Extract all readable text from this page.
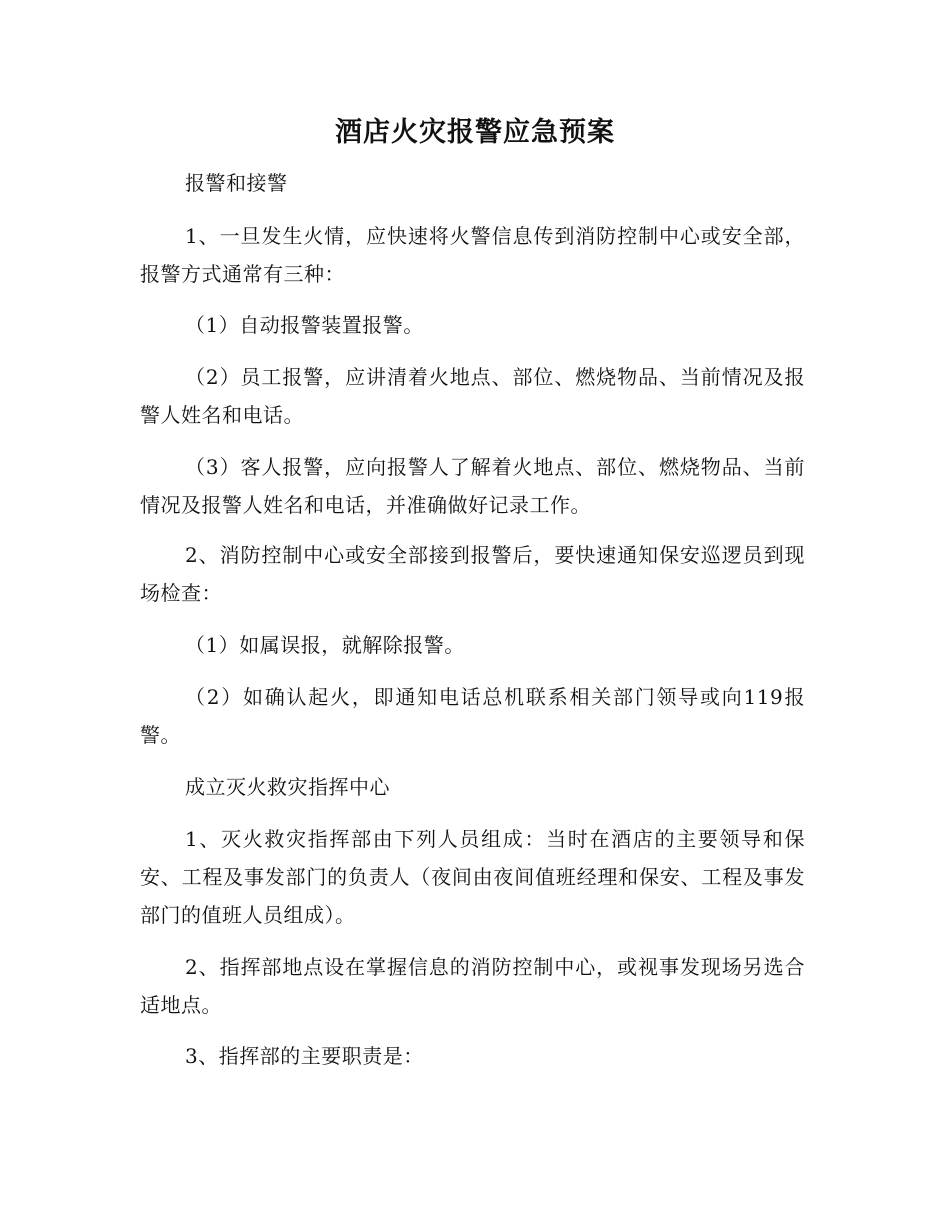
酒店火灾报警应急预案

报警和接警

1、一旦发生火情，应快速将火警信息传到消防控制中心或安全部，报警方式通常有三种：

（1）自动报警装置报警。

（2）员工报警，应讲清着火地点、部位、燃烧物品、当前情况及报警人姓名和电话。

（3）客人报警，应向报警人了解着火地点、部位、燃烧物品、当前情况及报警人姓名和电话，并准确做好记录工作。

2、消防控制中心或安全部接到报警后，要快速通知保安巡逻员到现场检查：

（1）如属误报，就解除报警。

（2）如确认起火，即通知电话总机联系相关部门领导或向119报警。

成立灭火救灾指挥中心

1、灭火救灾指挥部由下列人员组成：当时在酒店的主要领导和保安、工程及事发部门的负责人（夜间由夜间值班经理和保安、工程及事发部门的值班人员组成）。

2、指挥部地点设在掌握信息的消防控制中心，或视事发现场另选合适地点。

3、指挥部的主要职责是：
